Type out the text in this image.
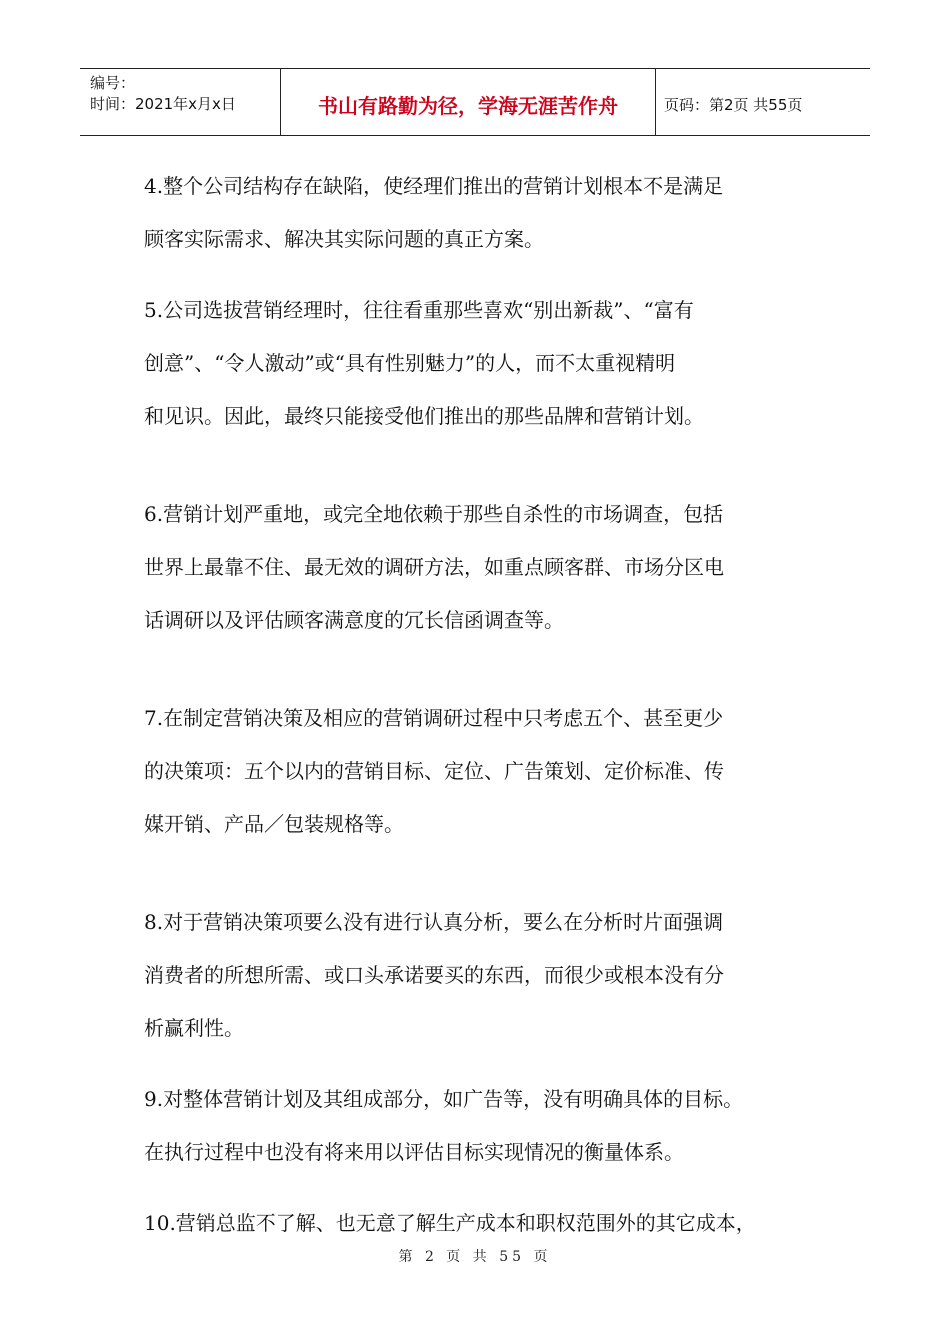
编号：
时间：2021年x月x日	书山有路勤为径，学海无涯苦作舟	页码：第2页 共55页

4.整个公司结构存在缺陷，使经理们推出的营销计划根本不是满足

顾客实际需求、解决其实际问题的真正方案。

5.公司选拔营销经理时，往往看重那些喜欢“别出新裁”、“富有

创意”、“令人激动”或“具有性别魅力”的人，而不太重视精明

和见识。因此，最终只能接受他们推出的那些品牌和营销计划。

6.营销计划严重地，或完全地依赖于那些自杀性的市场调查，包括

世界上最靠不住、最无效的调研方法，如重点顾客群、市场分区电

话调研以及评估顾客满意度的冗长信函调查等。

7.在制定营销决策及相应的营销调研过程中只考虑五个、甚至更少

的决策项：五个以内的营销目标、定位、广告策划、定价标准、传

媒开销、产品／包装规格等。

8.对于营销决策项要么没有进行认真分析，要么在分析时片面强调

消费者的所想所需、或口头承诺要买的东西，而很少或根本没有分

析赢利性。

9.对整体营销计划及其组成部分，如广告等，没有明确具体的目标。

在执行过程中也没有将来用以评估目标实现情况的衡量体系。

10.营销总监不了解、也无意了解生产成本和职权范围外的其它成本，

第 2 页 共 55 页
